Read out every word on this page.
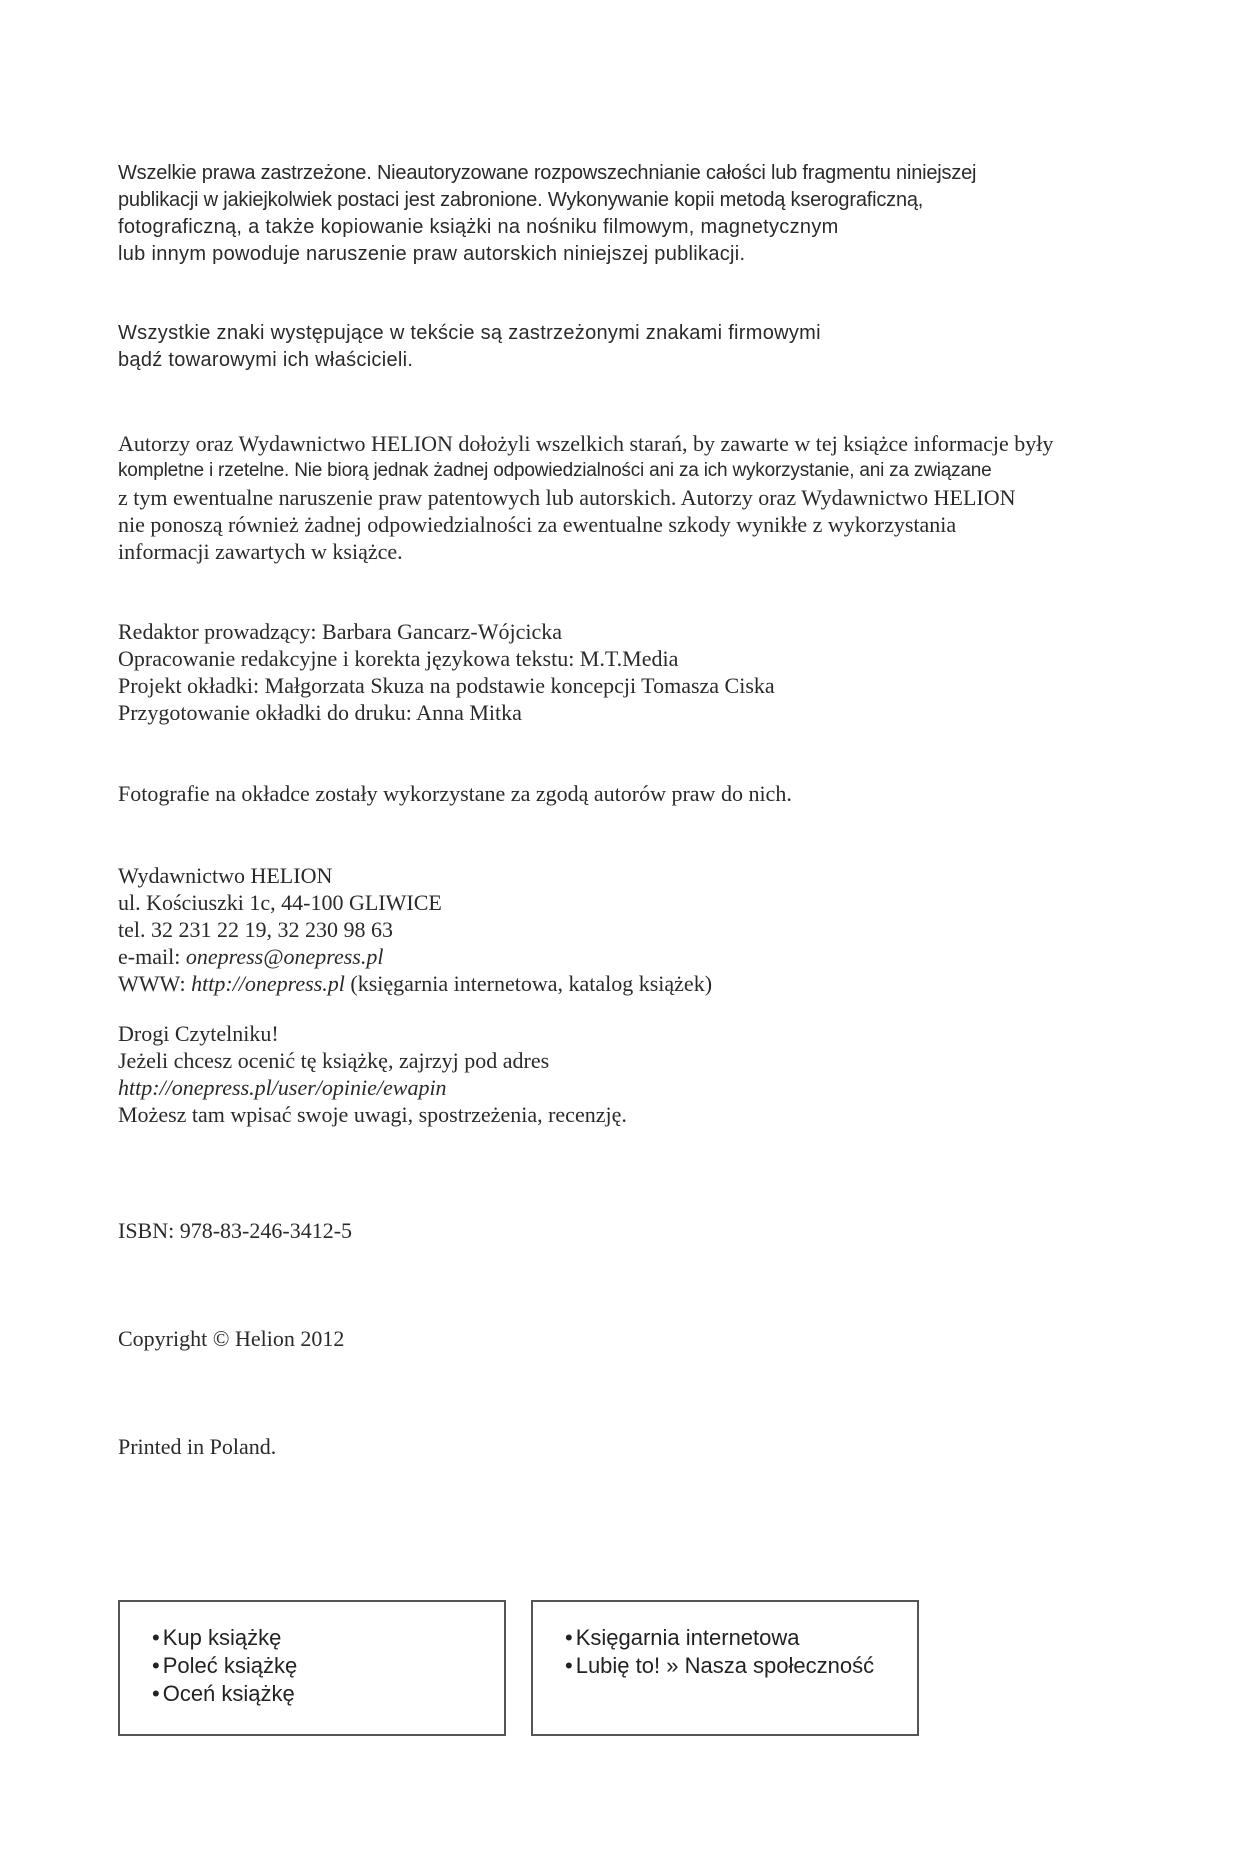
Wszelkie prawa zastrzeżone. Nieautoryzowane rozpowszechnianie całości lub fragmentu niniejszej
publikacji w jakiejkolwiek postaci jest zabronione. Wykonywanie kopii metodą kserograficzną,
fotograficzną, a także kopiowanie książki na nośniku filmowym, magnetycznym
lub innym powoduje naruszenie praw autorskich niniejszej publikacji.
Wszystkie znaki występujące w tekście są zastrzeżonymi znakami firmowymi
bądź towarowymi ich właścicieli.
Autorzy oraz Wydawnictwo HELION dołożyli wszelkich starań, by zawarte w tej książce informacje były
kompletne i rzetelne. Nie biorą jednak żadnej odpowiedzialności ani za ich wykorzystanie, ani za związane
z tym ewentualne naruszenie praw patentowych lub autorskich. Autorzy oraz Wydawnictwo HELION
nie ponoszą również żadnej odpowiedzialności za ewentualne szkody wynikłe z wykorzystania
informacji zawartych w książce.
Redaktor prowadzący: Barbara Gancarz-Wójcicka
Opracowanie redakcyjne i korekta językowa tekstu: M.T.Media
Projekt okładki: Małgorzata Skuza na podstawie koncepcji Tomasza Ciska
Przygotowanie okładki do druku: Anna Mitka
Fotografie na okładce zostały wykorzystane za zgodą autorów praw do nich.
Wydawnictwo HELION
ul. Kościuszki 1c, 44-100 GLIWICE
tel. 32 231 22 19, 32 230 98 63
e-mail: onepress@onepress.pl
WWW: http://onepress.pl (księgarnia internetowa, katalog książek)
Drogi Czytelniku!
Jeżeli chcesz ocenić tę książkę, zajrzyj pod adres
http://onepress.pl/user/opinie/ewapin
Możesz tam wpisać swoje uwagi, spostrzeżenia, recenzję.
ISBN: 978-83-246-3412-5
Copyright © Helion 2012
Printed in Poland.
• Kup książkę
• Poleć książkę
• Oceń książkę
• Księgarnia internetowa
• Lubię to! » Nasza społeczność
